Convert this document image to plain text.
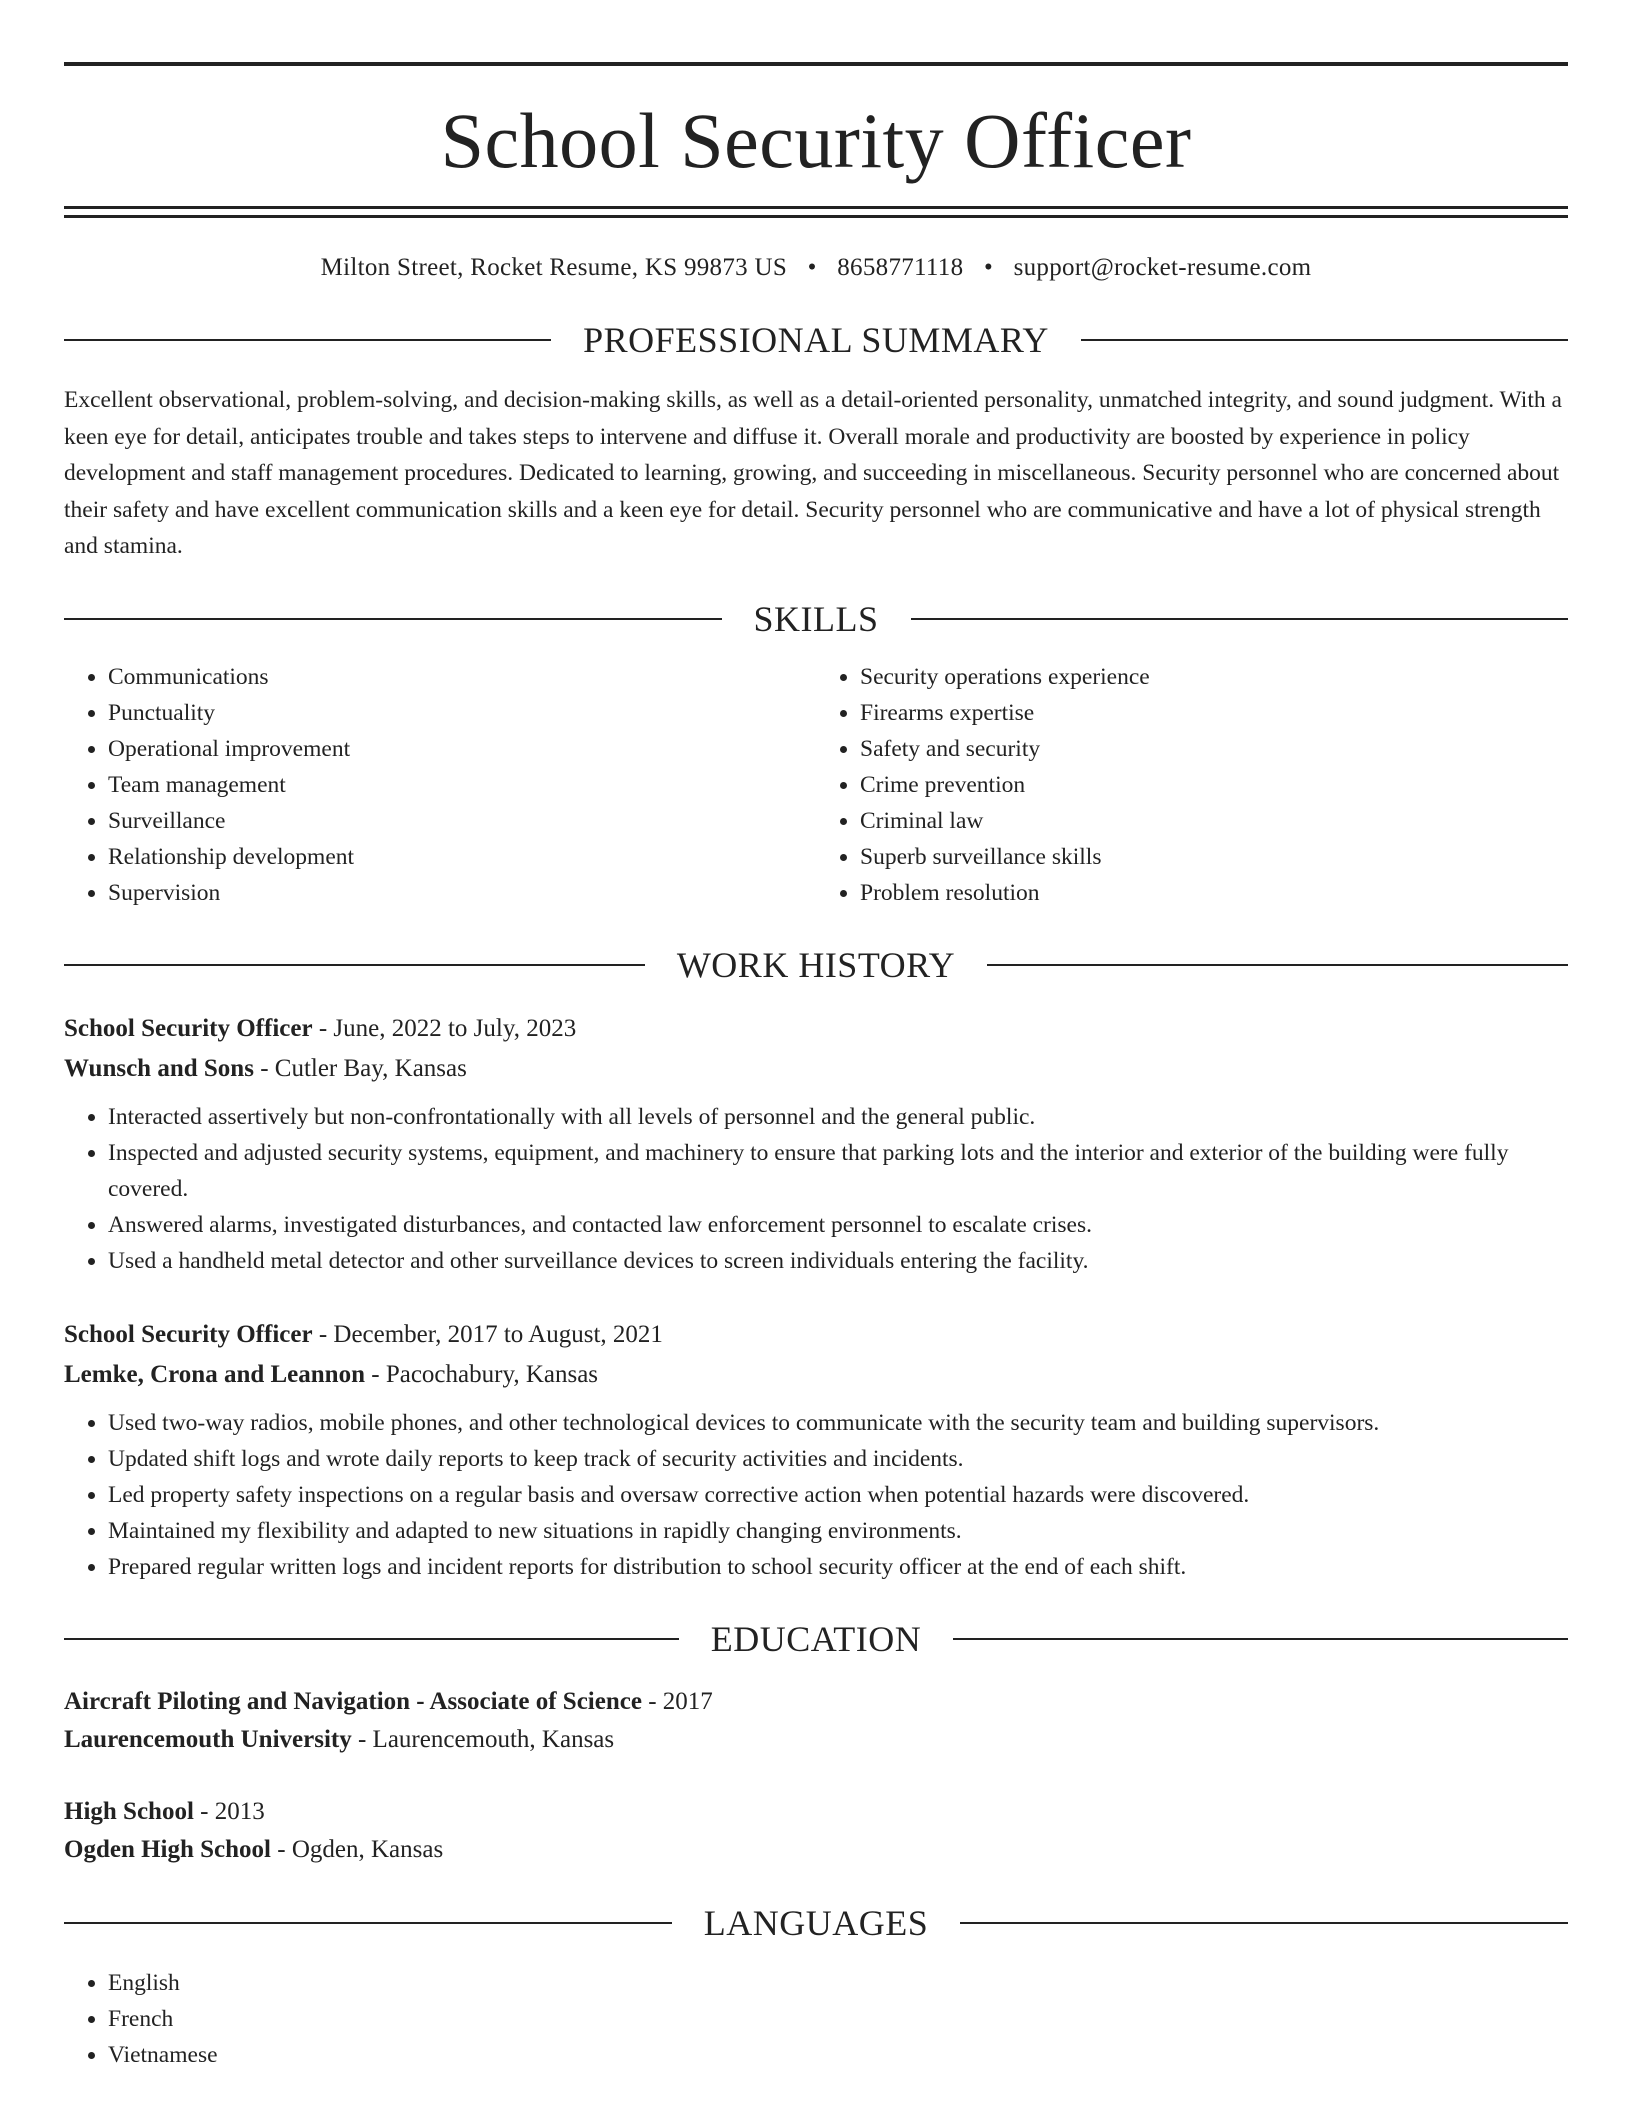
School Security Officer
Milton Street, Rocket Resume, KS 99873 US • 8658771118 • support@rocket-resume.com
PROFESSIONAL SUMMARY
Excellent observational, problem-solving, and decision-making skills, as well as a detail-oriented personality, unmatched integrity, and sound judgment. With a keen eye for detail, anticipates trouble and takes steps to intervene and diffuse it. Overall morale and productivity are boosted by experience in policy development and staff management procedures. Dedicated to learning, growing, and succeeding in miscellaneous. Security personnel who are concerned about their safety and have excellent communication skills and a keen eye for detail. Security personnel who are communicative and have a lot of physical strength and stamina.
SKILLS
• Communications
• Punctuality
• Operational improvement
• Team management
• Surveillance
• Relationship development
• Supervision
• Security operations experience
• Firearms expertise
• Safety and security
• Crime prevention
• Criminal law
• Superb surveillance skills
• Problem resolution
WORK HISTORY
School Security Officer - June, 2022 to July, 2023
Wunsch and Sons - Cutler Bay, Kansas
• Interacted assertively but non-confrontationally with all levels of personnel and the general public.
• Inspected and adjusted security systems, equipment, and machinery to ensure that parking lots and the interior and exterior of the building were fully covered.
• Answered alarms, investigated disturbances, and contacted law enforcement personnel to escalate crises.
• Used a handheld metal detector and other surveillance devices to screen individuals entering the facility.
School Security Officer - December, 2017 to August, 2021
Lemke, Crona and Leannon - Pacochabury, Kansas
• Used two-way radios, mobile phones, and other technological devices to communicate with the security team and building supervisors.
• Updated shift logs and wrote daily reports to keep track of security activities and incidents.
• Led property safety inspections on a regular basis and oversaw corrective action when potential hazards were discovered.
• Maintained my flexibility and adapted to new situations in rapidly changing environments.
• Prepared regular written logs and incident reports for distribution to school security officer at the end of each shift.
EDUCATION
Aircraft Piloting and Navigation - Associate of Science - 2017
Laurencemouth University - Laurencemouth, Kansas
High School - 2013
Ogden High School - Ogden, Kansas
LANGUAGES
• English
• French
• Vietnamese
